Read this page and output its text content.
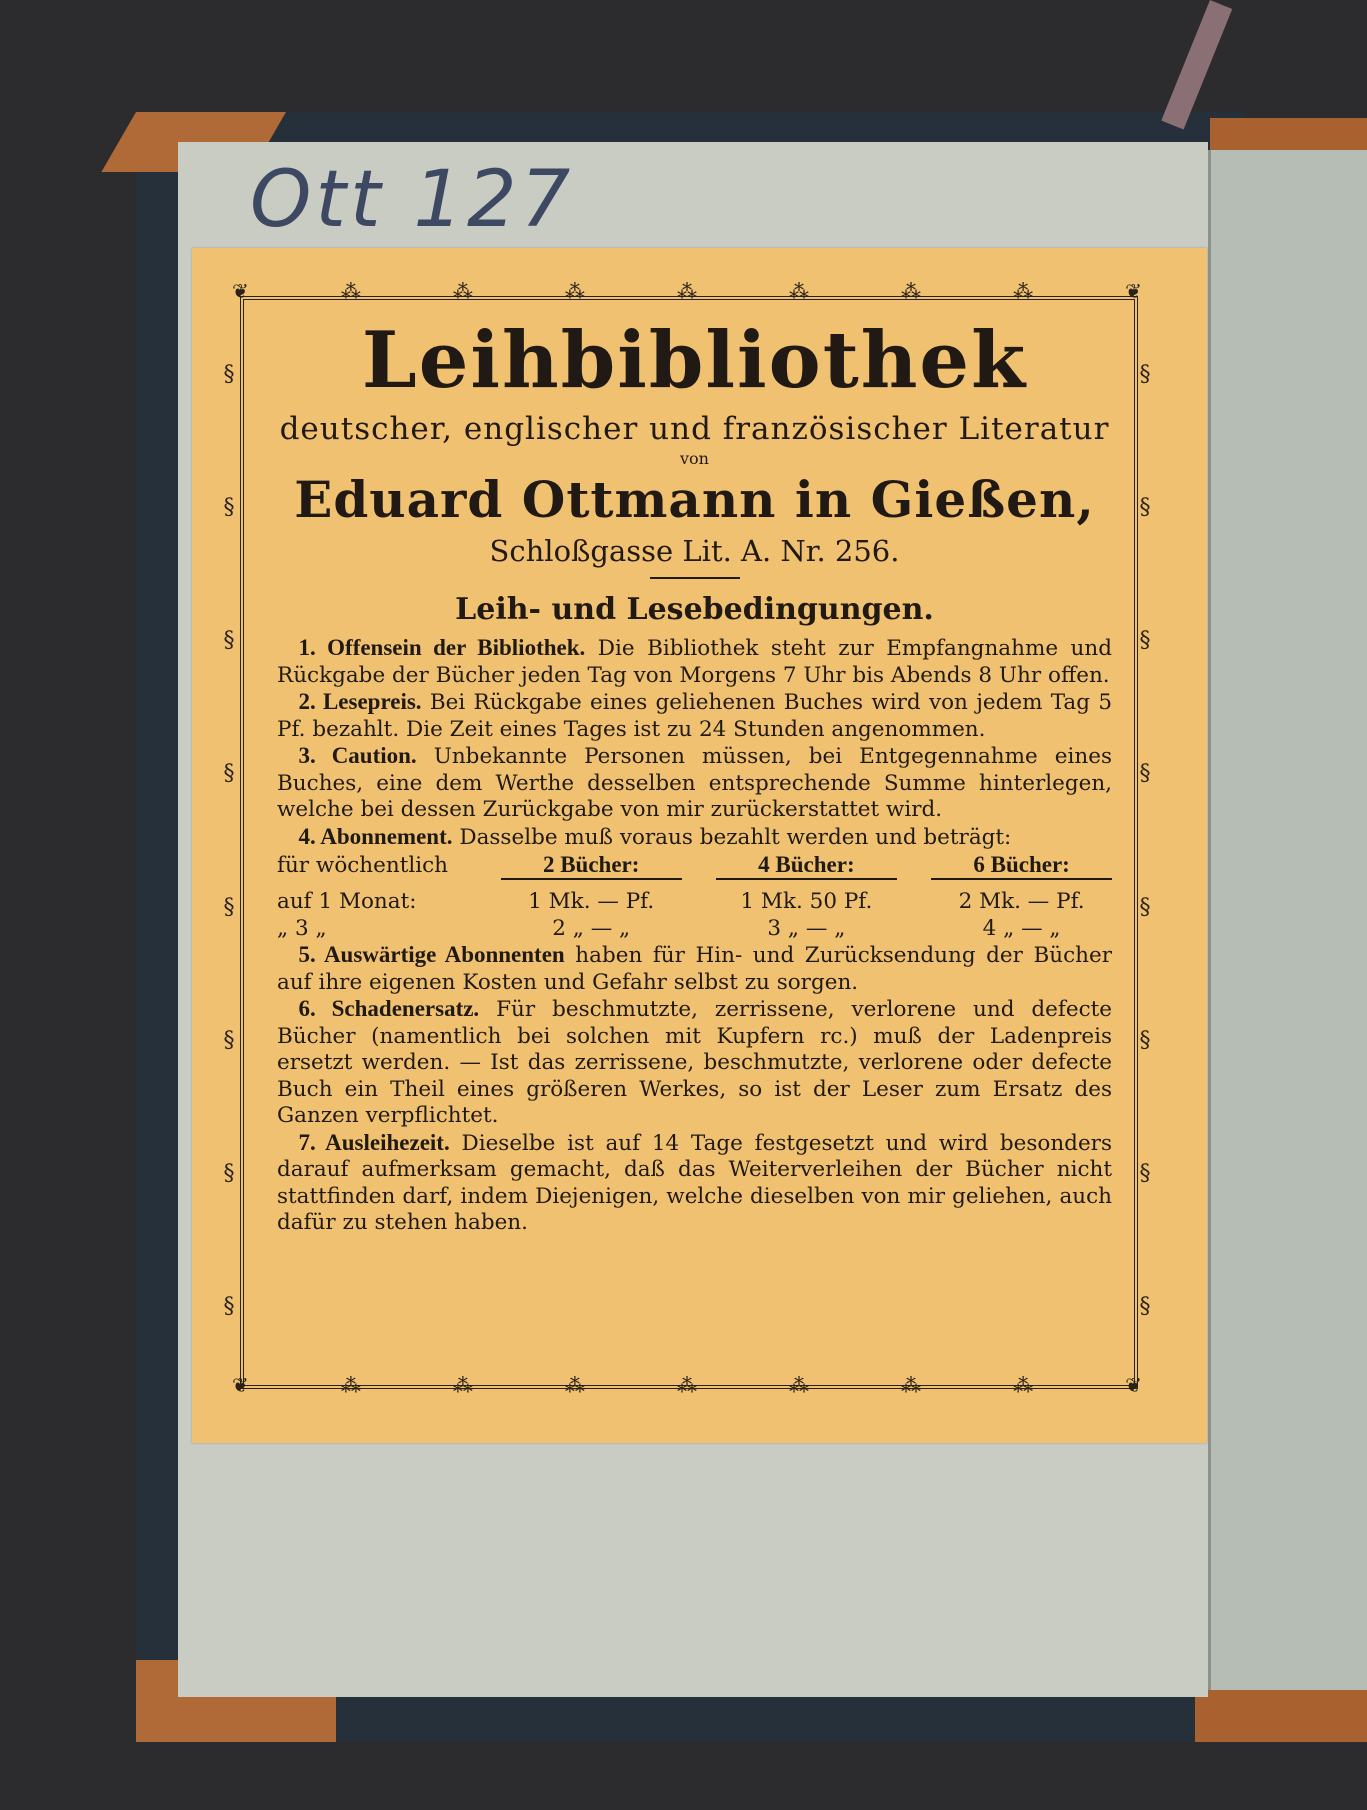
Ott 127
❦	⁂	⁂	⁂	⁂	⁂	⁂	⁂	❦
❦	⁂	⁂	⁂	⁂	⁂	⁂	⁂	❦
§
§
§
§
§
§
§
§
§
§
§
§
§
§
§
§

Leihbibliothek

deutscher, englischer und französischer Literatur

von

Eduard Ottmann in Gießen,

Schloßgasse Lit. A. Nr. 256.

Leih- und Lesebedingungen.

 1. Offensein der Bibliothek. Die Bibliothek steht zur Empfangnahme und Rückgabe der Bücher jeden Tag von Morgens 7 Uhr bis Abends 8 Uhr offen.

 2. Lesepreis. Bei Rückgabe eines geliehenen Buches wird von jedem Tag 5 Pf. bezahlt. Die Zeit eines Tages ist zu 24 Stunden angenommen.

 3. Caution. Unbekannte Personen müssen, bei Entgegennahme eines Buches, eine dem Werthe desselben entsprechende Summe hinterlegen, welche bei dessen Zurückgabe von mir zurückerstattet wird.

 4. Abonnement. Dasselbe muß voraus bezahlt werden und beträgt:

für wöchentlich	2 Bücher:		4 Bücher:		6 Bücher:
auf 1 Monat:	1 Mk. — Pf.		1 Mk. 50 Pf.		2 Mk. — Pf.
„ 3 „	2 „ — „		3 „ — „		4 „ — „

 5. Auswärtige Abonnenten haben für Hin- und Zurücksendung der Bücher auf ihre eigenen Kosten und Gefahr selbst zu sorgen.

 6. Schadenersatz. Für beschmutzte, zerrissene, verlorene und defecte Bücher (namentlich bei solchen mit Kupfern rc.) muß der Ladenpreis ersetzt werden. — Ist das zerrissene, beschmutzte, verlorene oder defecte Buch ein Theil eines größeren Werkes, so ist der Leser zum Ersatz des Ganzen verpflichtet.

 7. Ausleihezeit. Dieselbe ist auf 14 Tage festgesetzt und wird besonders darauf aufmerksam gemacht, daß das Weiterverleihen der Bücher nicht stattfinden darf, indem Diejenigen, welche dieselben von mir geliehen, auch dafür zu stehen haben.
